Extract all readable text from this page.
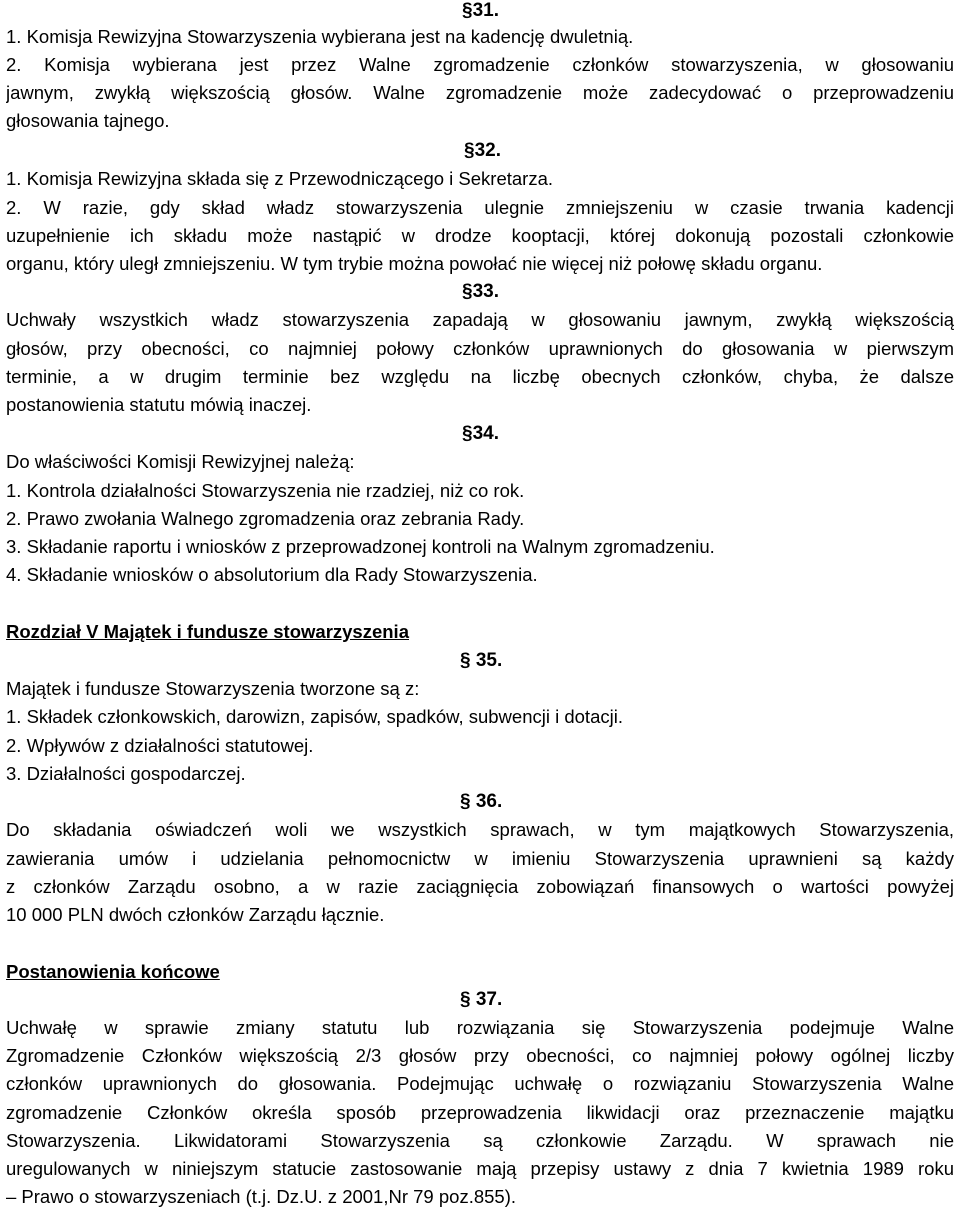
§31.
1. Komisja Rewizyjna Stowarzyszenia wybierana jest na kadencję dwuletnią.
2. Komisja wybierana jest przez Walne zgromadzenie członków stowarzyszenia, w głosowaniu
jawnym, zwykłą większością głosów. Walne zgromadzenie może zadecydować o przeprowadzeniu
głosowania tajnego.
§32.
1. Komisja Rewizyjna składa się z Przewodniczącego i Sekretarza.
2. W razie, gdy skład władz stowarzyszenia ulegnie zmniejszeniu w czasie trwania kadencji
uzupełnienie ich składu może nastąpić w drodze kooptacji, której dokonują pozostali członkowie
organu, który uległ zmniejszeniu. W tym trybie można powołać nie więcej niż połowę składu organu.
§33.
Uchwały wszystkich władz stowarzyszenia zapadają w głosowaniu jawnym, zwykłą większością
głosów, przy obecności, co najmniej połowy członków uprawnionych do głosowania w pierwszym
terminie, a w drugim terminie bez względu na liczbę obecnych członków, chyba, że dalsze
postanowienia statutu mówią inaczej.
§34.
Do właściwości Komisji Rewizyjnej należą:
1. Kontrola działalności Stowarzyszenia nie rzadziej, niż co rok.
2. Prawo zwołania Walnego zgromadzenia oraz zebrania Rady.
3. Składanie raportu i wniosków z przeprowadzonej kontroli na Walnym zgromadzeniu.
4. Składanie wniosków o absolutorium dla Rady Stowarzyszenia.
Rozdział V Majątek i fundusze stowarzyszenia
§ 35.
Majątek i fundusze Stowarzyszenia tworzone są z:
1. Składek członkowskich, darowizn, zapisów, spadków, subwencji i dotacji.
2. Wpływów z działalności statutowej.
3. Działalności gospodarczej.
§ 36.
Do składania oświadczeń woli we wszystkich sprawach, w tym majątkowych Stowarzyszenia,
zawierania umów i udzielania pełnomocnictw w imieniu Stowarzyszenia uprawnieni są każdy
z członków Zarządu osobno, a w razie zaciągnięcia zobowiązań finansowych o wartości powyżej
10 000 PLN dwóch członków Zarządu łącznie.
Postanowienia końcowe
§ 37.
Uchwałę w sprawie zmiany statutu lub rozwiązania się Stowarzyszenia podejmuje Walne
Zgromadzenie Członków większością 2/3 głosów przy obecności, co najmniej połowy ogólnej liczby
członków uprawnionych do głosowania. Podejmując uchwałę o rozwiązaniu Stowarzyszenia Walne
zgromadzenie Członków określa sposób przeprowadzenia likwidacji oraz przeznaczenie majątku
Stowarzyszenia. Likwidatorami Stowarzyszenia są członkowie Zarządu. W sprawach nie
uregulowanych w niniejszym statucie zastosowanie mają przepisy ustawy z dnia 7 kwietnia 1989 roku
– Prawo o stowarzyszeniach (t.j. Dz.U. z 2001,Nr 79 poz.855).
